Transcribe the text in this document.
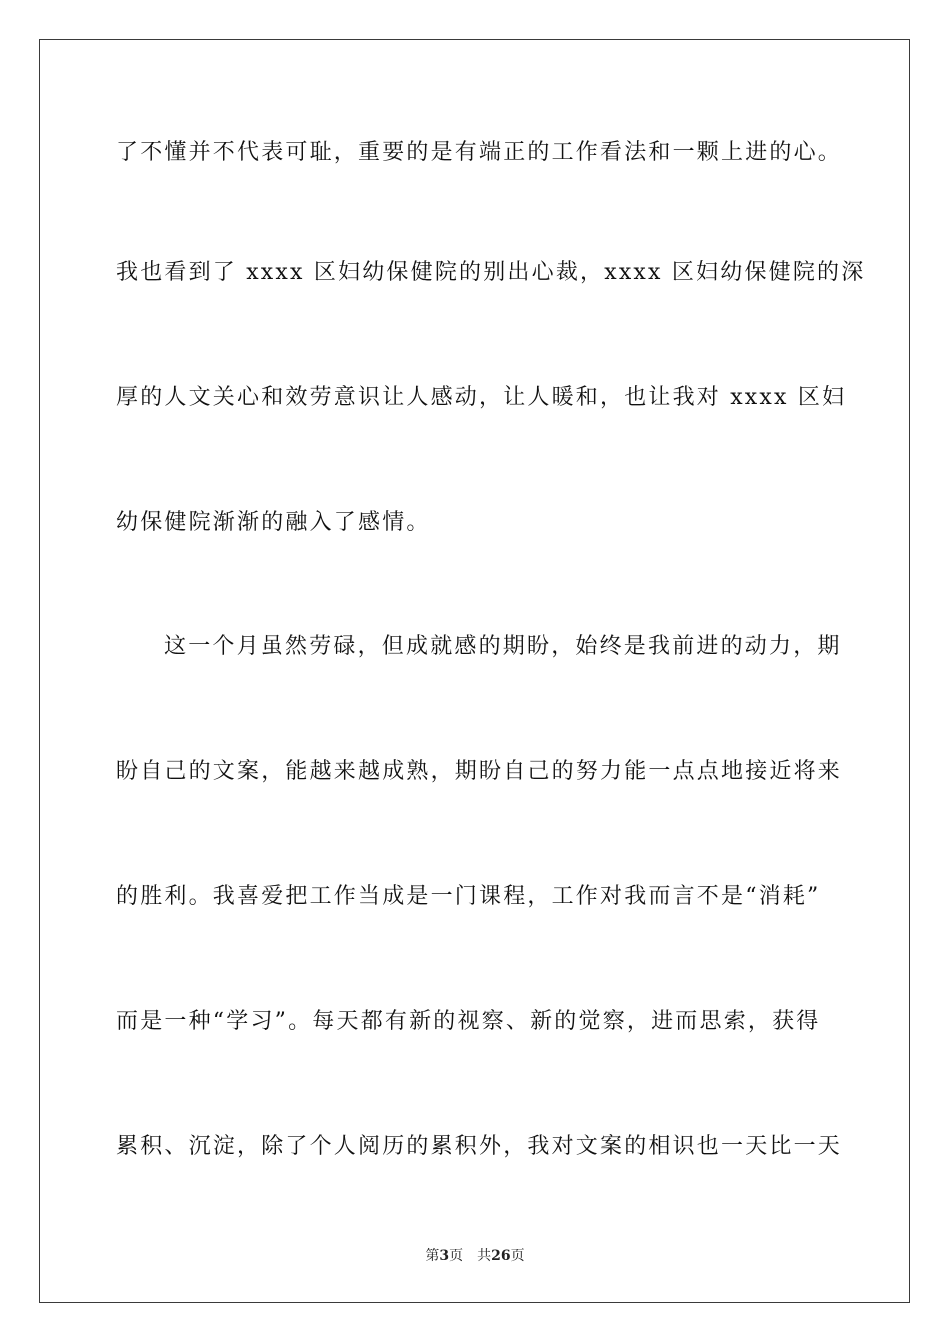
了不懂并不代表可耻，重要的是有端正的工作看法和一颗上进的心。
我也看到了 xxxx 区妇幼保健院的别出心裁，xxxx 区妇幼保健院的深
厚的人文关心和效劳意识让人感动，让人暖和，也让我对 xxxx 区妇
幼保健院渐渐的融入了感情。
这一个月虽然劳碌，但成就感的期盼，始终是我前进的动力，期
盼自己的文案，能越来越成熟，期盼自己的努力能一点点地接近将来
的胜利。我喜爱把工作当成是一门课程，工作对我而言不是“消耗”
而是一种“学习”。每天都有新的视察、新的觉察，进而思索，获得
累积、沉淀，除了个人阅历的累积外，我对文案的相识也一天比一天
第3页 共26页
